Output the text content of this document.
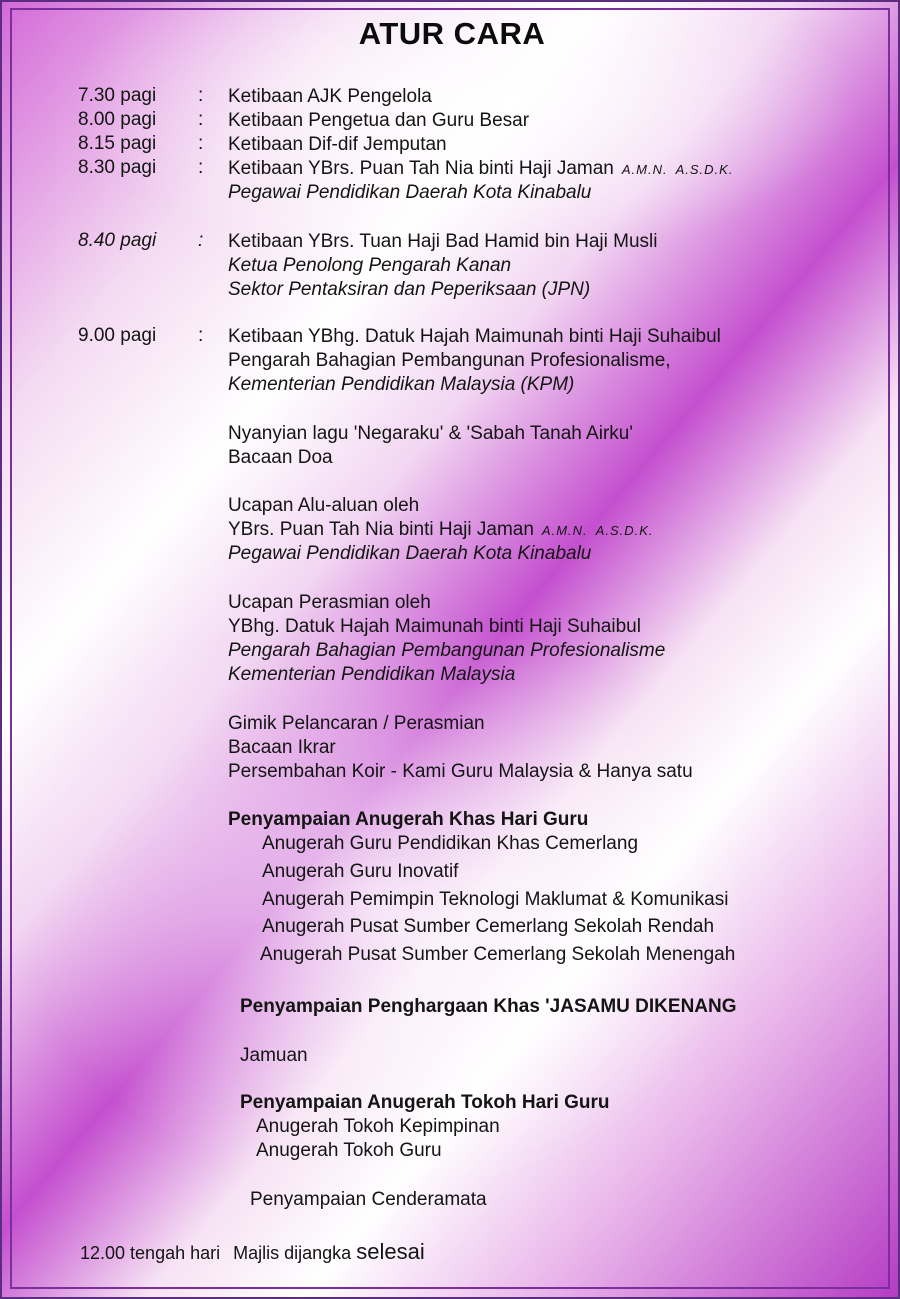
ATUR CARA
7.30 pagi : Ketibaan AJK Pengelola
8.00 pagi : Ketibaan Pengetua dan Guru Besar
8.15 pagi : Ketibaan Dif-dif Jemputan
8.30 pagi : Ketibaan YBrs. Puan Tah Nia binti Haji Jaman A.M.N. A.S.D.K.
Pegawai Pendidikan Daerah Kota Kinabalu
8.40 pagi : Ketibaan YBrs. Tuan Haji Bad Hamid bin Haji Musli
Ketua Penolong Pengarah Kanan
Sektor Pentaksiran dan Peperiksaan (JPN)
9.00 pagi : Ketibaan YBhg. Datuk Hajah Maimunah binti Haji Suhaibul
Pengarah Bahagian Pembangunan Profesionalisme,
Kementerian Pendidikan Malaysia (KPM)
Nyanyian lagu 'Negaraku' & 'Sabah Tanah Airku'
Bacaan Doa
Ucapan Alu-aluan oleh
YBrs. Puan Tah Nia binti Haji Jaman A.M.N. A.S.D.K.
Pegawai Pendidikan Daerah Kota Kinabalu
Ucapan Perasmian oleh
YBhg. Datuk Hajah Maimunah binti Haji Suhaibul
Pengarah Bahagian Pembangunan Profesionalisme
Kementerian Pendidikan Malaysia
Gimik Pelancaran / Perasmian
Bacaan Ikrar
Persembahan Koir - Kami Guru Malaysia & Hanya satu
Penyampaian Anugerah Khas Hari Guru
Anugerah Guru Pendidikan Khas Cemerlang
Anugerah Guru Inovatif
Anugerah Pemimpin Teknologi Maklumat & Komunikasi
Anugerah Pusat Sumber Cemerlang Sekolah Rendah
Anugerah Pusat Sumber Cemerlang Sekolah Menengah
Penyampaian Penghargaan Khas 'JASAMU DIKENANG
Jamuan
Penyampaian Anugerah Tokoh Hari Guru
Anugerah Tokoh Kepimpinan
Anugerah Tokoh Guru
Penyampaian Cenderamata
12.00 tengah hari Majlis dijangka selesai
